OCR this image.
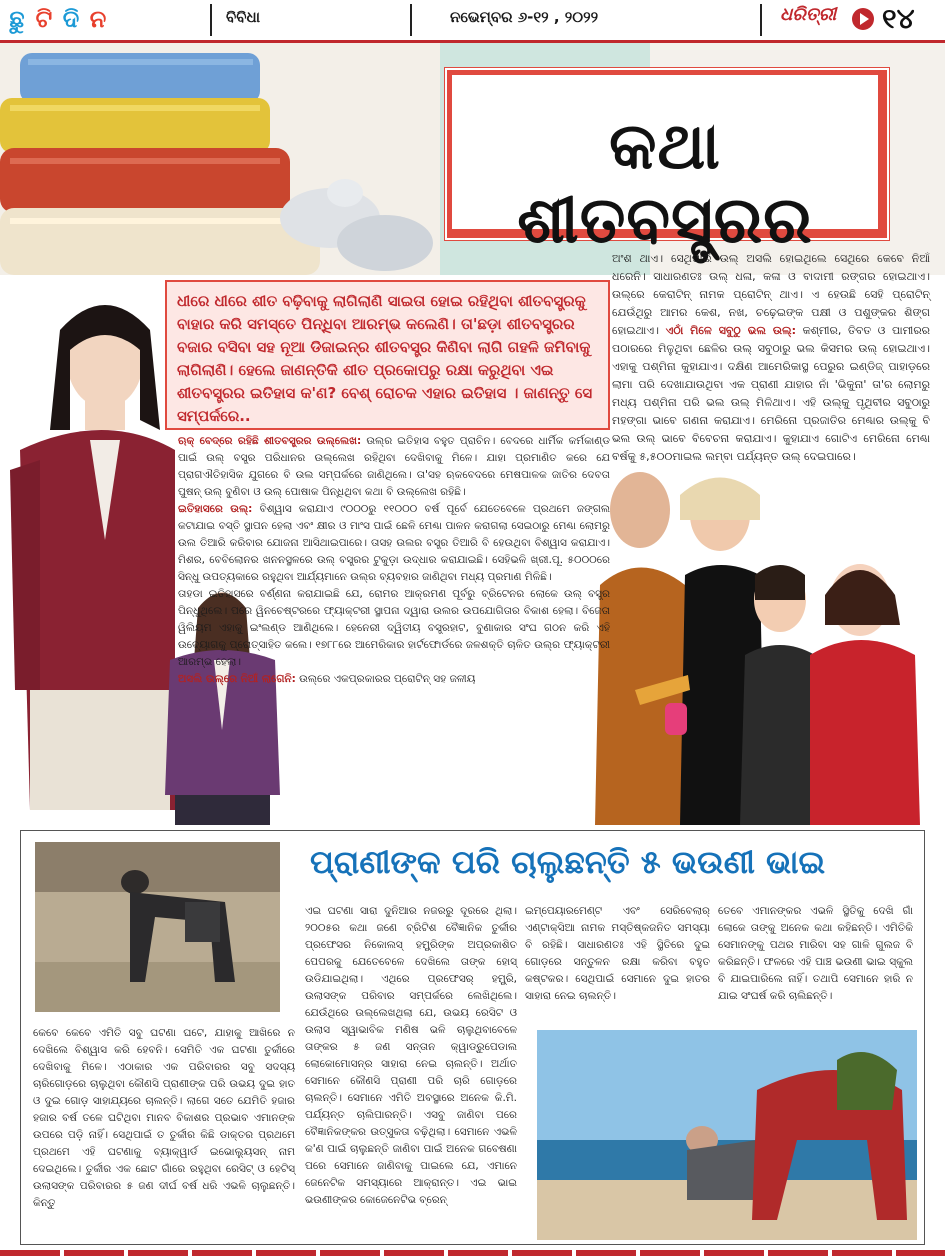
ଛୁ ଟି ଦି ନ	ବିବିଧା	ନଭେମ୍ବର ୬-୧୨ , ୨୦୨୨	ଧରିତ୍ରୀ ୧୪
କଥା ଶୀତବସ୍ତ୍ରର
ଧୀରେ ଧୀରେ ଶୀତ ବଢ଼ିବାକୁ ଲାଗିଲାଣି ସାଇତା ହୋଇ ରହିଥିବା ଶୀତବସ୍ତ୍ରକୁ ବାହାର କରି ସମସ୍ତେ ପିନ୍ଧିବା ଆରମ୍ଭ କଲେଣି। ତା'ଛଡ଼ା ଶୀତବସ୍ତ୍ରର ବଜାର ବସିବା ସହ ନୂଆ ଡିଜାଇନ୍‌ର ଶୀତବସ୍ତ୍ର କିଣିବା ଲାଗି ଗହଳି ଜମିବାକୁ ଲାଗିଲାଣି। ହେଲେ ଜାଣନ୍ତିକି ଶୀତ ପ୍ରକୋପରୁ ରକ୍ଷା କରୁଥିବା ଏଇ ଶୀତବସ୍ତ୍ରର ଇତିହାସ କ'ଣ? ବେଶ୍ ରୋଚକ ଏହାର ଇତିହାସ । ଜାଣନ୍ତୁ ସେ ସମ୍ପର୍କରେ..
ଅଂଶ ଥାଏ। ସେଥିପାଇଁ ଉଲ୍ ଅସଲି ହୋଇଥିଲେ ସେଥିରେ କେବେ ନିଆଁ ଧରେନି। ସାଧାରଣତଃ ଉଲ୍ ଧଳା, କଳା ଓ ବାଦାମୀ ରଙ୍ଗର ହୋଇଥାଏ। ଉଲ୍‌ରେ କେରାଟିନ୍ ନାମକ ପ୍ରୋଟିନ୍ ଥାଏ। ଏ ହେଉଛି ସେହି ପ୍ରୋଟିନ୍ ଯେଉଁଥିରୁ ଆମର କେଶ, ନଖ, ଚଢ଼େଇଙ୍କ ପକ୍ଷୀ ଓ ପଶୁଙ୍କର ଶିଙ୍ଗ ହୋଇଥାଏ। ଏଠାଁ ମିଳେ ସବୁଠୁ ଭଲ ଉଲ୍: କଶ୍ମୀର, ତିବତ ଓ ପାମୀରର ପଠାରରେ ମିଳୁଥିବା ଛେଳିର ଉଲ୍ ସବୁଠାରୁ ଭଲ କିସମର ଉଲ୍ ହୋଇଥାଏ। ଏହାକୁ ପଶ୍ମିନା କୁହାଯାଏ। ଦକ୍ଷିଣ ଆମେରିକାସ୍ଥ ପେରୁର ଇଣ୍ଡିଜ୍ ପାହାଡ଼ରେ ଲାମା ପରି ଦେଖାଯାଉଥିବା ଏକ ପ୍ରାଣୀ ଯାହାର ନାଁ 'ଭିକୁନା' ତା'ର ଲୋମରୁ ମଧ୍ୟ ପଶ୍ମିନା ପରି ଭଲ ଉଲ୍ ମିଳିଥାଏ। ଏହି ଉଲ୍‌କୁ ପୃଥିବୀର ସବୁଠାରୁ ମହଙ୍ଗା ଭାବେ ଗଣନା କରାଯାଏ। ମେରିନୋ ପ୍ରଜାତିର ମେଣ୍ଢାର ଉଲ୍‌କୁ ବି ଭଲ ଉଲ୍ ଭାବେ ବିବେଚନା କରାଯାଏ। କୁହାଯାଏ ଗୋଟିଏ ମେରିନୋ ମେଣ୍ଢା ବର୍ଷକୁ ୫,୫୦୦ମାଇଲ ଲମ୍ବା ପର୍ଯ୍ୟନ୍ତ ଉଲ୍ ଦେଇପାରେ।
ଋକ୍ ବେଦ୍‌ରେ ରହିଛି ଶୀତବସ୍ତ୍ରର ଉଲ୍ଲେଖ: ଉଲ୍‌ର ଇତିହାସ ବହୁତ ପ୍ରାଚିନ। ବେଦରେ ଧାର୍ମିକ କର୍ମକାଣ୍ଡ ପାଇଁ ଉଲ୍ ବସ୍ତ୍ର ପରିଧାନର ଉଲ୍ଲେଖ ରହିଥିବା ଦେଖିବାକୁ ମିଳେ। ଯାହା ପ୍ରମାଣିତ କରେ ଯେ ପ୍ରାଗଐତିହାସିକ ଯୁଗରେ ବି ଉଲ ସମ୍ପର୍କରେ ଜାଣିଥିଲେ। ତା'ସହ ଋକବେଦରେ ମେଷପାଳକ ଜାତିର ଦେବତା ପୁଷନ୍ ଉଲ୍ ବୁଣିବା ଓ ଉଲ୍ ପୋଷାକ ପିନ୍ଧିଥିବା କଥା ବି ଉଲ୍ଲେଖ ରହିଛି।
ଇତିହାସରେ ଉଲ୍: ବିଶ୍ୱାସ କରାଯାଏ ୯୦୦୦ରୁ ୧୧୦୦୦ ବର୍ଷ ପୂର୍ବେ ଯେତେବେଳେ ପ୍ରଥମେ ଜଙ୍ଗଲ କଟାଯାଇ ବସ୍ତି ସ୍ଥାପନ ହେଲା ଏବଂ କ୍ଷୀର ଓ ମାଂସ ପାଇଁ ଛେଳି ମେଣ୍ଢା ପାଳନ କରାଗଲା ସେଇଠାରୁ ମେଣ୍ଢା ଲୋମରୁ ଉଲ ତିଆରି କରିବାର ଯୋଜନା ଆସିଥାଇପାରେ। ତାସହ ଉଲର ବସ୍ତ୍ର ତିଆରି ବି ହେଉଥିବା ବିଶ୍ୱାସ କରାଯାଏ। ମିଶର, ବେବିଲୋନର ଖନନସ୍ଥଳରେ ଉଲ୍ ବସ୍ତ୍ରର ଟୁକୁଡ଼ା ଉଦ୍ଧାର କରାଯାଇଛି। ସେହିଭଳି ଖ୍ରୀ.ପୂ. ୫୦୦୦ରେ ସିନ୍ଧୁ ଉପତ୍ୟକାରେ ରହୁଥିବା ଆର୍ଯ୍ୟମାନେ ଉଲ୍‌ର ବ୍ୟବହାର ଜାଣିଥିବା ମଧ୍ୟ ପ୍ରମାଣ ମିଳିଛି।
ତାହଡା ଇତିହାସରେ ବର୍ଣ୍ଣନା କରାଯାଇଛି ଯେ, ରୋମର ଆକ୍ରମଣ ପୂର୍ବରୁ ବ୍ରିଟେନର ଲୋକେ ଉଲ୍ ବସ୍ତ୍ର ପିନ୍ଧୁଥିଲେ। ପରେ ୱିନଚେଷ୍ଟରରେ ଫ୍ୟାକ୍ଟରୀ ସ୍ଥାପନା ଦ୍ୱାରା ଉଲର ଉପଯୋଗିତାର ବିକାଶ ହେଲା। ବିଜେତା ୱିଲିୟମ ଏହାକୁ ଇଂଲଣ୍ଡ ଆଣିଥିଲେ। ହେନେରୀ ଦ୍ୱିତୀୟ ବସ୍ତ୍ରହାଟ, ବୁଣାକାର ସଂଘ ଗଠନ କରି ଏହି ଉଦ୍ୟୋଗକୁ ପ୍ରୋତ୍ସାହିତ କଲେ। ୧୭୮୮ରେ ଆମେରିକାର ହାର୍ଟଫୋର୍ଡରେ ଜଳଶକ୍ତି ଚାଳିତ ଉଲ୍‌ର ଫ୍ୟାକ୍ଟରୀ ଆରମ୍ଭ ହେଲା।
ଅସଲି ଉଲ୍‌ରେ ନିଆଁ ଲାଗେନି: ଉଲ୍‌ରେ ଏକପ୍ରକାରର ପ୍ରୋଟିନ୍ ସହ ଜଳୀୟ
ପ୍ରାଣୀଙ୍କ ପରି ଚାଲୁଛନ୍ତି ୫ ଭଉଣୀ ଭାଇ
କେବେ କେବେ ଏମିତି ସବୁ ଘଟଣା ଘଟେ, ଯାହାକୁ ଆଖିରେ ନ ଦେଖିଲେ ବିଶ୍ୱାସ କରି ହେବନି। ସେମିତି ଏକ ଘଟଣା ତୁର୍କୀରେ ଦେଖିବାକୁ ମିଳେ। ଏଠାକାର ଏକ ପରିବାରର ସବୁ ସଦସ୍ୟ ଚାରିଗୋଡ଼ରେ ଚାଲୁଥିବା କୌଣସି ପ୍ରାଣୀଙ୍କ ପରି ଉଭୟ ଦୁଇ ହାତ ଓ ଦୁଇ ଗୋଡ଼ ସାହାଯ୍ୟରେ ଚାଲନ୍ତି। ଲାଗେ ସତେ ଯେମିତି ହଜାର ହଜାର ବର୍ଷ ତଳେ ଘଟିଥିବା ମାନବ ବିକାଶର ପ୍ରଭାବ ଏମାନଙ୍କ ଉପରେ ପଡ଼ି ନାହିଁ। ସେଥିପାଇଁ ତ ତୁର୍କୀର କିଛି ଡାକ୍ତର ପ୍ରଥମେ ପ୍ରଥମେ ଏହି ଘଟଣାକୁ ବ୍ୟାକ୍‌ୱାର୍ଡ ଇଭୋଲ୍ୟୁସନ୍ ନାମ ଦେଇଥିଲେ। ତୁର୍କୀର ଏକ ଛୋଟ ଗାଁରେ ରହୁଥିବା ରେସିଟ୍ ଓ ହେଟିସ୍ ଉଲାସଙ୍କ ପରିବାରର ୫ ଜଣ ଦୀର୍ଘ ବର୍ଷ ଧରି ଏଭଳି ଚାଲୁଛନ୍ତି। କିନ୍ତୁ
ଏଇ ଘଟଣା ସାରା ଦୁନିଆର ନଜରରୁ ଦୂରରେ ଥିଲା। ୨୦୦୫ର କଥା ଜଣେ ବ୍ରିଟିଶ ବୈଜ୍ଞାନିକ ତୁର୍କୀର ପ୍ରଫେସର ନିକୋଲସ୍ ହମ୍ଫ୍ରିଙ୍କ ଅପ୍ରକାଶିତ ପେପରକୁ ଯେତେବେଳେ ଦେଖିଲେ ତାଙ୍କ ହୋସ୍ ଉଡିଯାଇଥିଲା। ଏଥିରେ ପ୍ରଫେସର୍ ହମ୍ଫ୍ରି, ଉଲାସଙ୍କ ପରିବାର ସମ୍ପର୍କରେ ଲେଖିଥିଲେ। ଯେଉଁଥିରେ ଉଲ୍ଲେଖଥିଲା ଯେ, ଉଭୟ ରେସିଟ ଓ ଉଲାସ ସ୍ୱାଭାବିକ ମଣିଷ ଭଳି ଚାଲୁଥିବାବେଳେ ତାଙ୍କର ୫ ଜଣ ସନ୍ତାନ କ୍ୱାଡ୍ରୁପେଡାଲ ଲୋକୋମୋସନ୍‌ର ସାହାରା ନେଇ ଚାଲନ୍ତି। ଅର୍ଥାତ ସେମାନେ କୌଣସି ପ୍ରାଣୀ ପରି ଚାରି ଗୋଡ଼ରେ ଚାଲନ୍ତି। ସେମାନେ ଏମିତି ଅବସ୍ଥାରେ ଅନେକ କି.ମି. ପର୍ଯ୍ୟନ୍ତ ଚାଲିପାରନ୍ତି। ଏସବୁ ଜାଣିବା ପରେ ବୈଜ୍ଞାନିକଙ୍କର ଉତ୍ସୁକତା ବଢ଼ିଥିଲା। ସେମାନେ ଏଭଳି କ'ଣ ପାଇଁ ଚାଲୁଛନ୍ତି ଜାଣିବା ପାଇଁ ଅନେକ ଗବେଷଣା ପରେ ସେମାନେ ଜାଣିବାକୁ ପାଇଲେ ଯେ, ଏମାନେ ଜେନେଟିକ ସମସ୍ୟାରେ ଆକ୍ରାନ୍ତ। ଏଇ ଭାଇ ଭଉଣୀଙ୍କର କୋଜେନେଟିଭ ବ୍ରେନ୍
ଇମ୍ପେୟାରମେଣ୍ଟ ଏବଂ ସେରିବେଲାର୍ ଏଣ୍ଟାକ୍ସିଆ ନାମକ ମସ୍ତିଷ୍କଜନିତ ସମସ୍ୟା ବି ରହିଛି। ସାଧାରଣତଃ ଏହି ସ୍ଥିତିରେ ଦୁଇ ଗୋଡ଼ରେ ସନ୍ତୁଳନ ରକ୍ଷା କରିବା ବହୁତ କଷ୍ଟକର। ସେଥିପାଇଁ ସେମାନେ ଦୁଇ ହାତର ସାହାରା ନେଇ ଚାଲନ୍ତି।
ତେବେ ଏମାନଙ୍କର ଏଭଳି ସ୍ଥିତିକୁ ଦେଖି ଗାଁ ଲୋକେ ତାଙ୍କୁ ଅନେକ କଥା କହିଛନ୍ତି। ଏମିତିକି ସେମାନଙ୍କୁ ପଥର ମାରିବା ସହ ଗାଳି ଗୁଲଜ ବି କରିଛନ୍ତି। ଫଳରେ ଏହି ପାଞ୍ଚ ଭଉଣୀ ଭାଇ ସ୍କୁଲ ବି ଯାଇପାରିଲେ ନାହିଁ। ତଥାପି ସେମାନେ ହାରି ନ ଯାଇ ସଂଘର୍ଷ କରି ଚାଲିଛନ୍ତି।
